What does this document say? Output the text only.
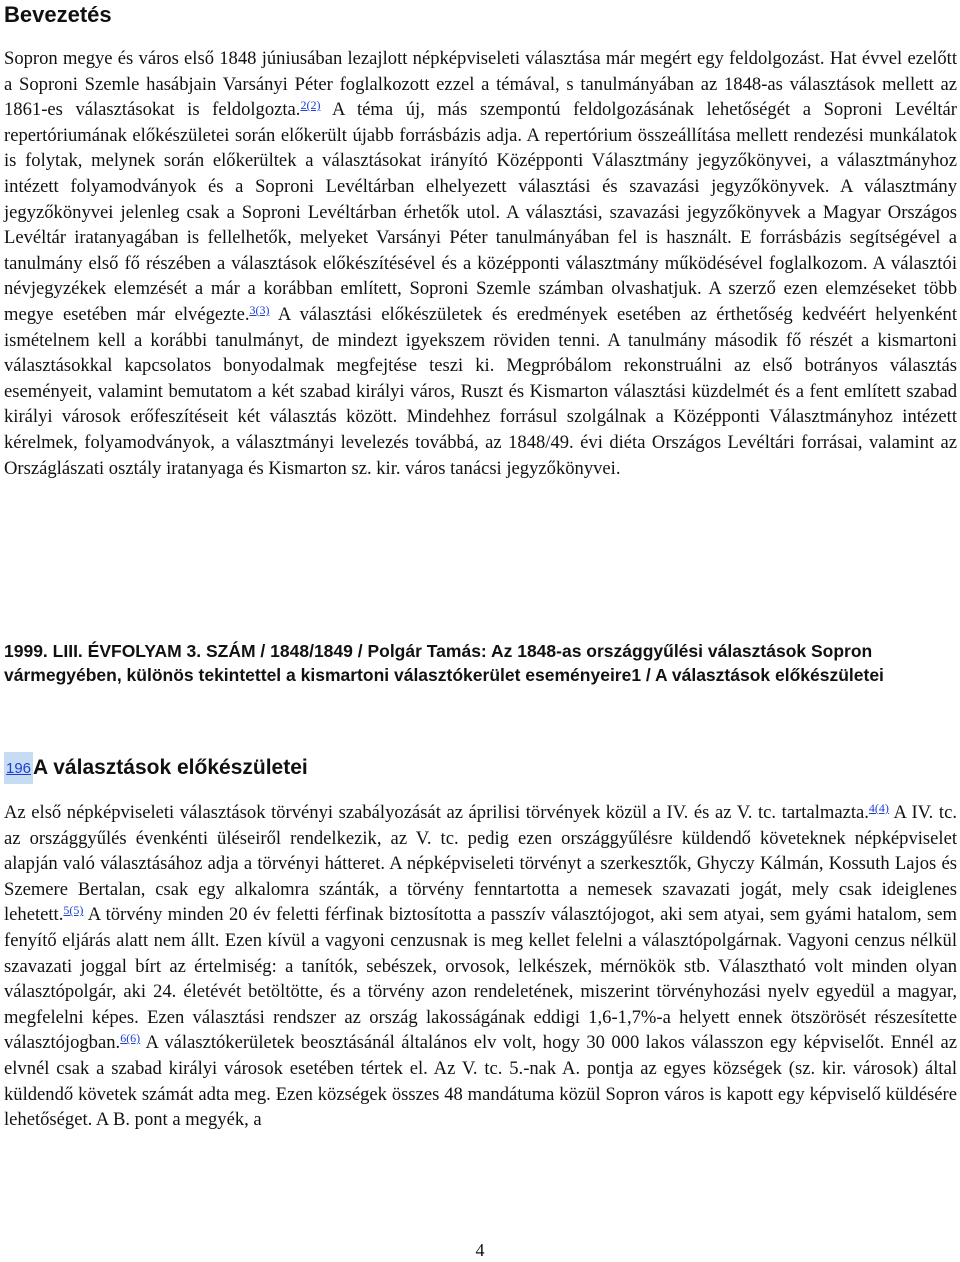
Bevezetés

Sopron megye és város első 1848 júniusában lezajlott népképviseleti választása már megért egy feldolgozást. Hat évvel ezelőtt a Soproni Szemle hasábjain Varsányi Péter foglalkozott ezzel a témával, s tanulmányában az 1848-as választások mellett az 1861-es választásokat is feldolgozta.$^{2(2)}$ A téma új, más szempontú feldolgozásának lehetőségét a Soproni Levéltár repertóriumának előkészületei során előkerült újabb forrásbázis adja. A repertórium összeállítása mellett rendezési munkálatok is folytak, melynek során előkerültek a választásokat irányító Középponti Választmány jegyzőkönyvei, a választmányhoz intézett folyamodványok és a Soproni Levéltárban elhelyezett választási és szavazási jegyzőkönyvek. A választmány jegyzőkönyvei jelenleg csak a Soproni Levéltárban érhetők utol. A választási, szavazási jegyzőkönyvek a Magyar Országos Levéltár iratanyagában is fellelhetők, melyeket Varsányi Péter tanulmányában fel is használt. E forrásbázis segítségével a tanulmány első fő részében a választások előkészítésével és a középponti választmány működésével foglalkozom. A választói névjegyzékek elemzését a már a korábban említett, Soproni Szemle számban olvashatjuk. A szerző ezen elemzéseket több megye esetében már elvégezte.$^{3(3)}$ A választási előkészületek és eredmények esetében az érthetőség kedvéért helyenként ismételnem kell a korábbi tanulmányt, de mindezt igyekszem röviden tenni. A tanulmány második fő részét a kismartoni választásokkal kapcsolatos bonyodalmak megfejtése teszi ki. Megpróbálom rekonstruálni az első botrányos választás eseményeit, valamint bemutatom a két szabad királyi város, Ruszt és Kismarton választási küzdelmét és a fent említett szabad királyi városok erőfeszítéseit két választás között. Mindehhez forrásul szolgálnak a Középponti Választmányhoz intézett kérelmek, folyamodványok, a választmányi levelezés továbbá, az 1848/49. évi diéta Országos Levéltári forrásai, valamint az Országlászati osztály iratanyaga és Kismarton sz. kir. város tanácsi jegyzőkönyvei.

1999. LIII. ÉVFOLYAM 3. SZÁM / 1848/1849 / Polgár Tamás: Az 1848-as országgyűlési választások Sopron vármegyében, különös tekintettel a kismartoni választókerület eseményeire1 / A választások előkészületei
196A választások előkészületei

Az első népképviseleti választások törvényi szabályozását az áprilisi törvények közül a IV. és az V. tc. tartalmazta.$^{4(4)}$ A IV. tc. az országgyűlés évenkénti üléseiről rendelkezik, az V. tc. pedig ezen országgyűlésre küldendő követeknek népképviselet alapján való választásához adja a törvényi hátteret. A népképviseleti törvényt a szerkesztők, Ghyczy Kálmán, Kossuth Lajos és Szemere Bertalan, csak egy alkalomra szánták, a törvény fenntartotta a nemesek szavazati jogát, mely csak ideiglenes lehetett.$^{5(5)}$ A törvény minden 20 év feletti férfinak biztosította a passzív választójogot, aki sem atyai, sem gyámi hatalom, sem fenyítő eljárás alatt nem állt. Ezen kívül a vagyoni cenzusnak is meg kellet felelni a választópolgárnak. Vagyoni cenzus nélkül szavazati joggal bírt az értelmiség: a tanítók, sebészek, orvosok, lelkészek, mérnökök stb. Választható volt minden olyan választópolgár, aki 24. életévét betöltötte, és a törvény azon rendeletének, miszerint törvényhozási nyelv egyedül a magyar, megfelelni képes. Ezen választási rendszer az ország lakosságának eddigi 1,6-1,7%-a helyett ennek ötszörösét részesítette választójogban.$^{6(6)}$ A választókerületek beosztásánál általános elv volt, hogy 30 000 lakos válasszon egy képviselőt. Ennél az elvnél csak a szabad királyi városok esetében tértek el. Az V. tc. 5.-nak A. pontja az egyes községek (sz. kir. városok) által küldendő követek számát adta meg. Ezen községek összes 48 mandátuma közül Sopron város is kapott egy képviselő küldésére lehetőséget. A B. pont a megyék, a

4
